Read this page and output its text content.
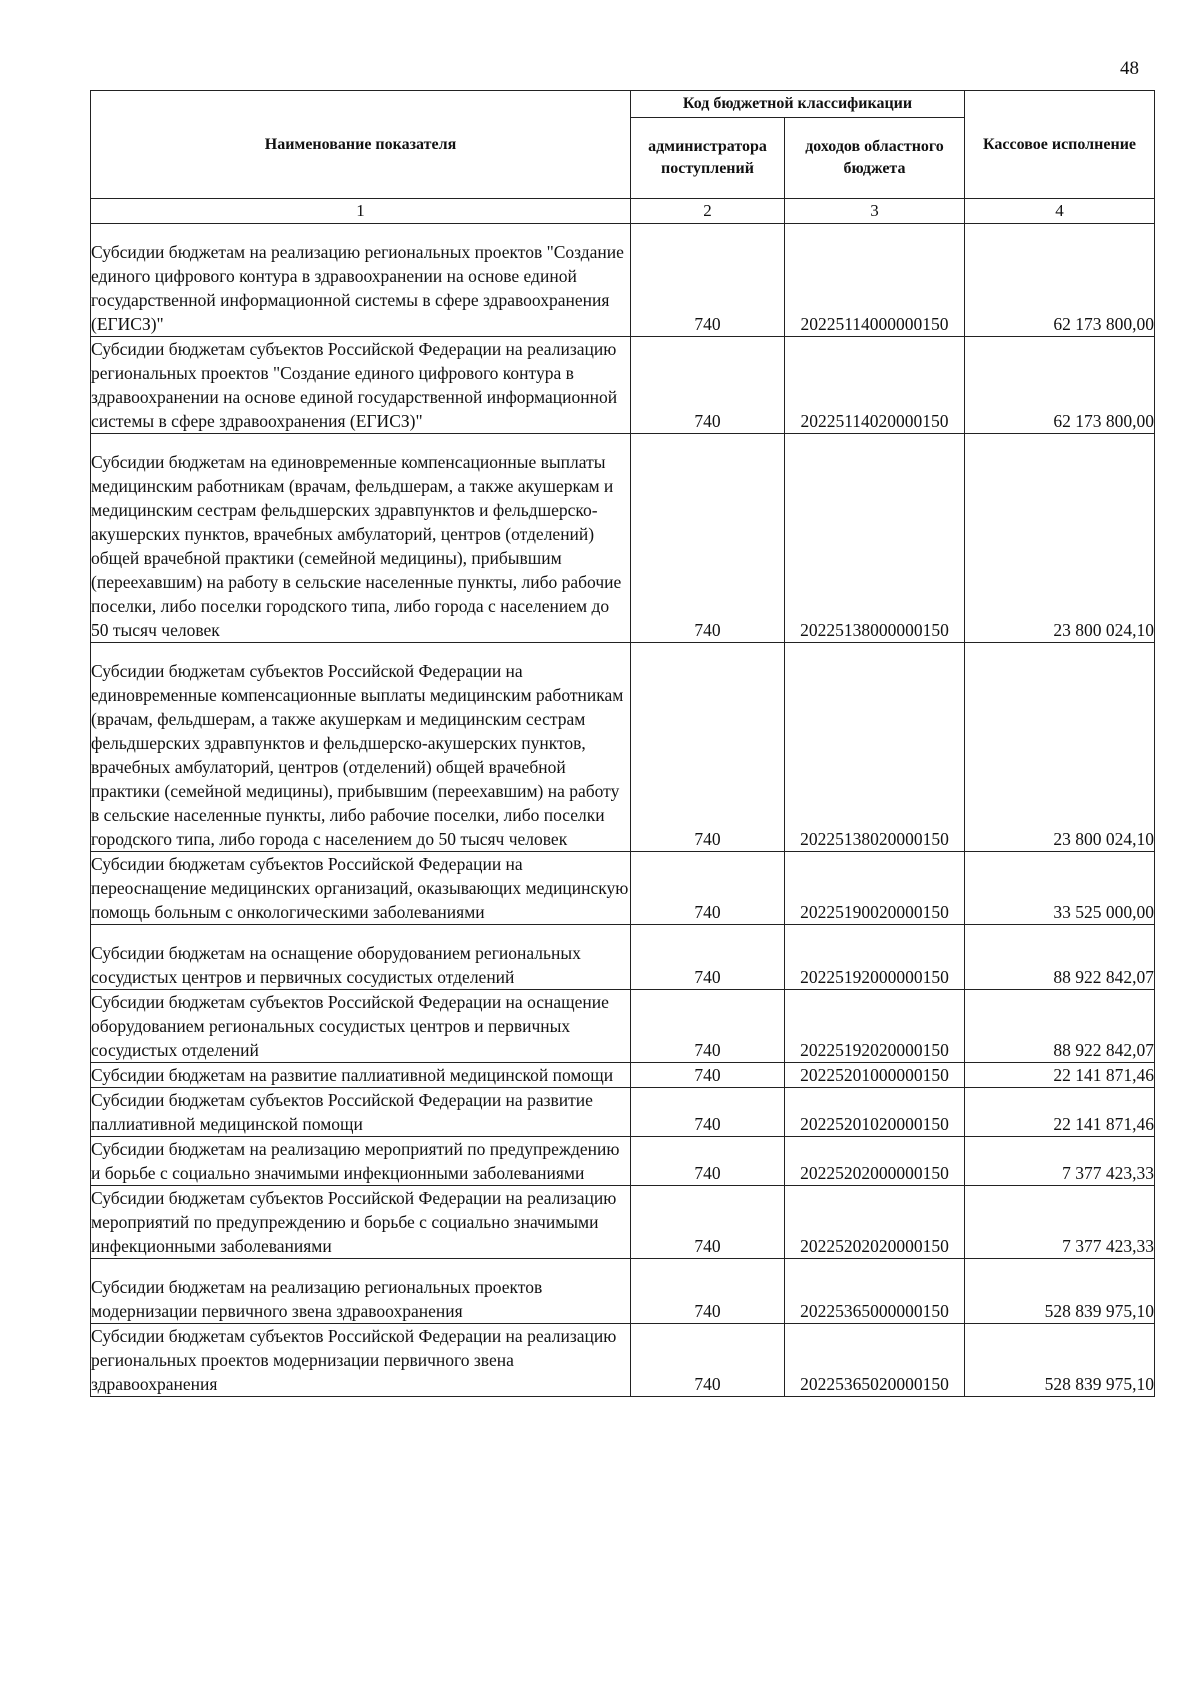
48
Наименование показателя	Код бюджетной классификации		Кассовое исполнение
	администратора поступлений	доходов областного бюджета	
1	2	3	4

Субсидии бюджетам на реализацию региональных проектов "Создание единого цифрового контура в здравоохранении на основе единой государственной информационной системы в сфере здравоохранения (ЕГИСЗ)"	740	20225114000000150	62 173 800,00
Субсидии бюджетам субъектов Российской Федерации на реализацию региональных проектов "Создание единого цифрового контура в здравоохранении на основе единой государственной информационной системы в сфере здравоохранения (ЕГИСЗ)"	740	20225114020000150	62 173 800,00

Субсидии бюджетам на единовременные компенсационные выплаты медицинским работникам (врачам, фельдшерам, а также акушеркам и медицинским сестрам фельдшерских здравпунктов и фельдшерско-акушерских пунктов, врачебных амбулаторий, центров (отделений) общей врачебной практики (семейной медицины), прибывшим (переехавшим) на работу в сельские населенные пункты, либо рабочие поселки, либо поселки городского типа, либо города с населением до 50 тысяч человек	740	20225138000000150	23 800 024,10

Субсидии бюджетам субъектов Российской Федерации на единовременные компенсационные выплаты медицинским работникам (врачам, фельдшерам, а также акушеркам и медицинским сестрам фельдшерских здравпунктов и фельдшерско-акушерских пунктов, врачебных амбулаторий, центров (отделений) общей врачебной практики (семейной медицины), прибывшим (переехавшим) на работу в сельские населенные пункты, либо рабочие поселки, либо поселки городского типа, либо города с населением до 50 тысяч человек	740	20225138020000150	23 800 024,10
Субсидии бюджетам субъектов Российской Федерации на переоснащение медицинских организаций, оказывающих медицинскую помощь больным с онкологическими заболеваниями	740	20225190020000150	33 525 000,00

Субсидии бюджетам на оснащение оборудованием региональных сосудистых центров и первичных сосудистых отделений	740	20225192000000150	88 922 842,07
Субсидии бюджетам субъектов Российской Федерации на оснащение оборудованием региональных сосудистых центров и первичных сосудистых отделений	740	20225192020000150	88 922 842,07
Субсидии бюджетам на развитие паллиативной медицинской помощи	740	20225201000000150	22 141 871,46
Субсидии бюджетам субъектов Российской Федерации на развитие паллиативной медицинской помощи	740	20225201020000150	22 141 871,46
Субсидии бюджетам на реализацию мероприятий по предупреждению и борьбе с социально значимыми инфекционными заболеваниями	740	20225202000000150	7 377 423,33
Субсидии бюджетам субъектов Российской Федерации на реализацию мероприятий по предупреждению и борьбе с социально значимыми инфекционными заболеваниями	740	20225202020000150	7 377 423,33

Субсидии бюджетам на реализацию региональных проектов модернизации первичного звена здравоохранения	740	20225365000000150	528 839 975,10
Субсидии бюджетам субъектов Российской Федерации на реализацию региональных проектов модернизации первичного звена здравоохранения	740	20225365020000150	528 839 975,10
